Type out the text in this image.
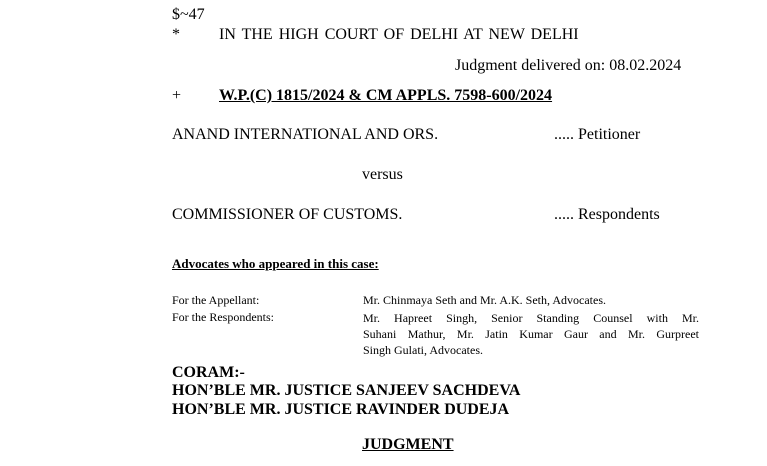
$~47
* IN THE HIGH COURT OF DELHI AT NEW DELHI
Judgment delivered on: 08.02.2024
+ W.P.(C) 1815/2024 & CM APPLS. 7598-600/2024
ANAND INTERNATIONAL AND ORS.	..... Petitioner
versus
COMMISSIONER OF CUSTOMS.	..... Respondents
Advocates who appeared in this case:
For the Appellant:	Mr. Chinmaya Seth and Mr. A.K. Seth, Advocates.
For the Respondents:	Mr. Hapreet Singh, Senior Standing Counsel with Mr.
Suhani Mathur, Mr. Jatin Kumar Gaur and Mr. Gurpreet
Singh Gulati, Advocates.
CORAM:-
HON’BLE MR. JUSTICE SANJEEV SACHDEVA
HON’BLE MR. JUSTICE RAVINDER DUDEJA
JUDGMENT
